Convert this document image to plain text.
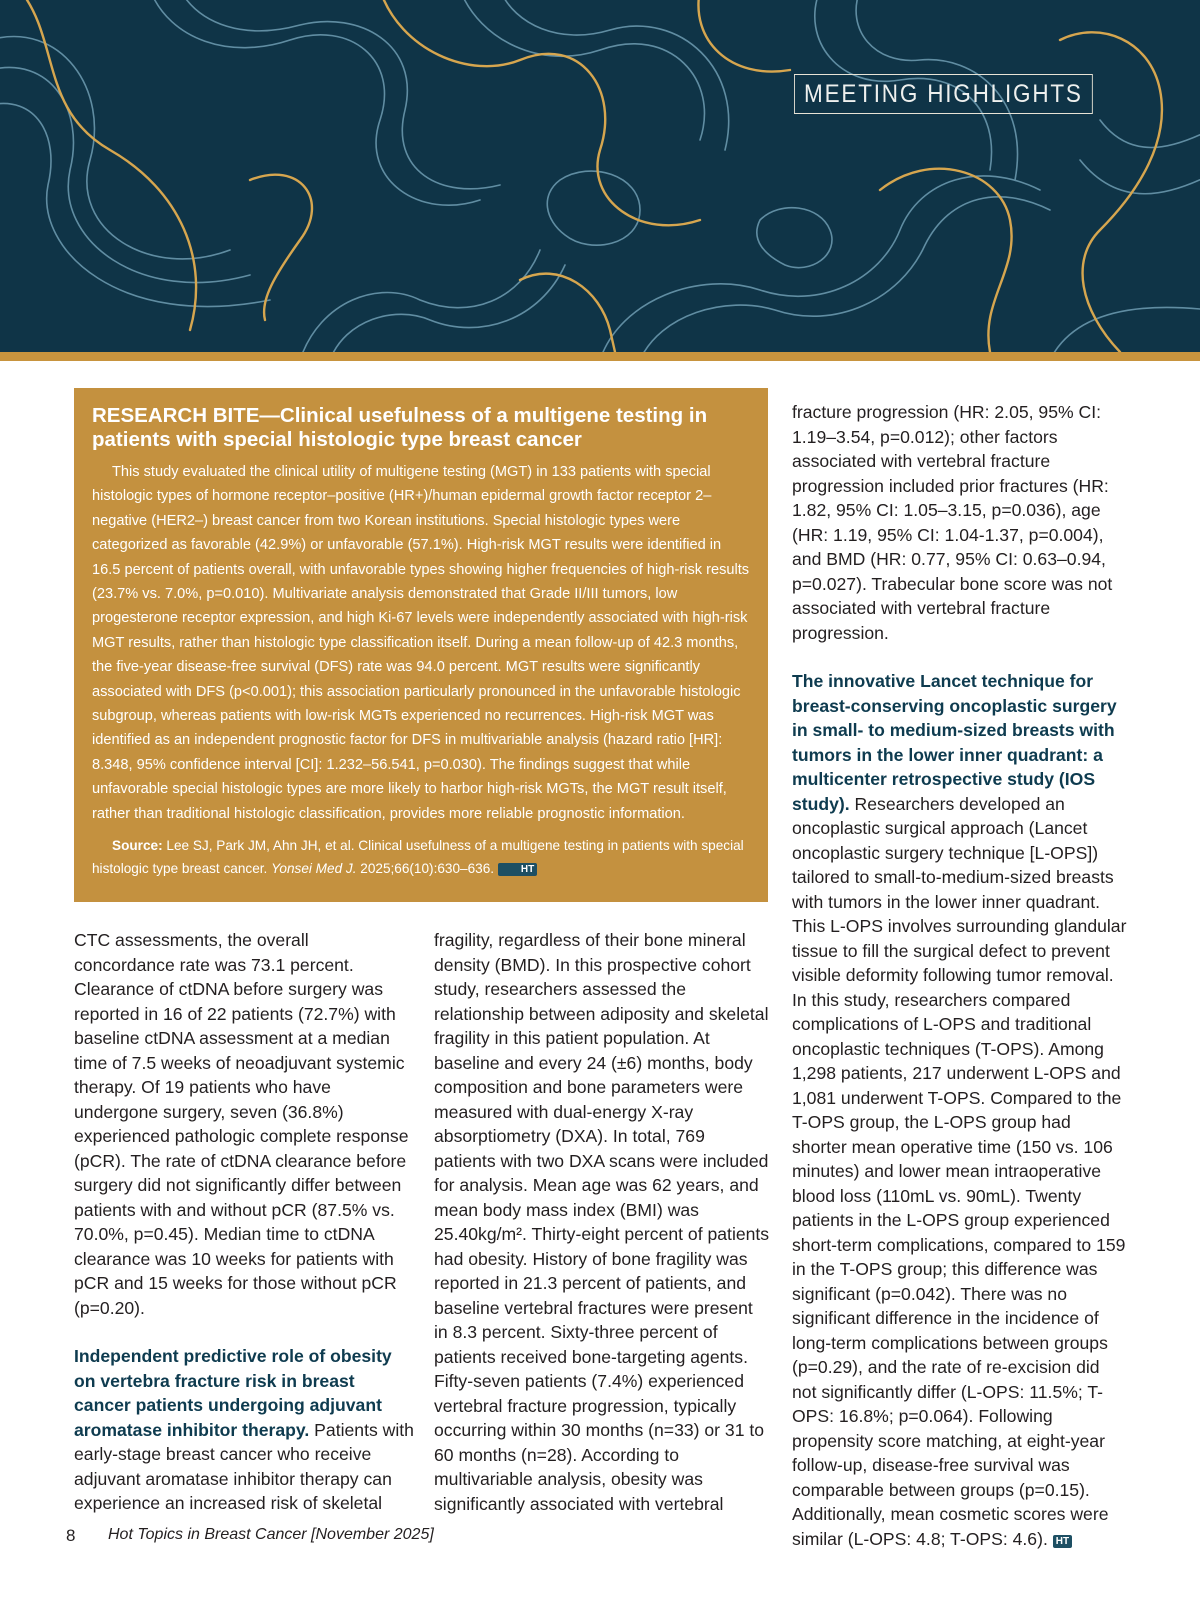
MEETING HIGHLIGHTS
RESEARCH BITE—Clinical usefulness of a multigene testing in patients with special histologic type breast cancer

This study evaluated the clinical utility of multigene testing (MGT) in 133 patients with special histologic types of hormone receptor–positive (HR+)/human epidermal growth factor receptor 2–negative (HER2–) breast cancer from two Korean institutions. Special histologic types were categorized as favorable (42.9%) or unfavorable (57.1%). High-risk MGT results were identified in 16.5 percent of patients overall, with unfavorable types showing higher frequencies of high-risk results (23.7% vs. 7.0%, p=0.010). Multivariate analysis demonstrated that Grade II/III tumors, low progesterone receptor expression, and high Ki-67 levels were independently associated with high-risk MGT results, rather than histologic type classification itself. During a mean follow-up of 42.3 months, the five-year disease-free survival (DFS) rate was 94.0 percent. MGT results were significantly associated with DFS (p<0.001); this association particularly pronounced in the unfavorable histologic subgroup, whereas patients with low-risk MGTs experienced no recurrences. High-risk MGT was identified as an independent prognostic factor for DFS in multivariable analysis (hazard ratio [HR]: 8.348, 95% confidence interval [CI]: 1.232–56.541, p=0.030). The findings suggest that while unfavorable special histologic types are more likely to harbor high-risk MGTs, the MGT result itself, rather than traditional histologic classification, provides more reliable prognostic information.

Source: Lee SJ, Park JM, Ahn JH, et al. Clinical usefulness of a multigene testing in patients with special histologic type breast cancer. Yonsei Med J. 2025;66(10):630–636.	HT

CTC assessments, the overall concordance rate was 73.1 percent. Clearance of ctDNA before surgery was reported in 16 of 22 patients (72.7%) with baseline ctDNA assessment at a median time of 7.5 weeks of neoadjuvant systemic therapy. Of 19 patients who have undergone surgery, seven (36.8%) experienced pathologic complete response (pCR). The rate of ctDNA clearance before surgery did not significantly differ between patients with and without pCR (87.5% vs. 70.0%, p=0.45). Median time to ctDNA clearance was 10 weeks for patients with pCR and 15 weeks for those without pCR (p=0.20).

Independent predictive role of obesity on vertebra fracture risk in breast cancer patients undergoing adjuvant aromatase inhibitor therapy. Patients with early-stage breast cancer who receive adjuvant aromatase inhibitor therapy can experience an increased risk of skeletal

fragility, regardless of their bone mineral density (BMD). In this prospective cohort study, researchers assessed the relationship between adiposity and skeletal fragility in this patient population. At baseline and every 24 (±6) months, body composition and bone parameters were measured with dual-energy X-ray absorptiometry (DXA). In total, 769 patients with two DXA scans were included for analysis. Mean age was 62 years, and mean body mass index (BMI) was 25.40kg/m². Thirty-eight percent of patients had obesity. History of bone fragility was reported in 21.3 percent of patients, and baseline vertebral fractures were present in 8.3 percent. Sixty-three percent of patients received bone-targeting agents. Fifty-seven patients (7.4%) experienced vertebral fracture progression, typically occurring within 30 months (n=33) or 31 to 60 months (n=28). According to multivariable analysis, obesity was significantly associated with vertebral

fracture progression (HR: 2.05, 95% CI: 1.19–3.54, p=0.012); other factors associated with vertebral fracture progression included prior fractures (HR: 1.82, 95% CI: 1.05–3.15, p=0.036), age (HR: 1.19, 95% CI: 1.04-1.37, p=0.004), and BMD (HR: 0.77, 95% CI: 0.63–0.94, p=0.027). Trabecular bone score was not associated with vertebral fracture progression.

The innovative Lancet technique for breast-conserving oncoplastic surgery in small- to medium-sized breasts with tumors in the lower inner quadrant: a multicenter retrospective study (IOS study). Researchers developed an oncoplastic surgical approach (Lancet oncoplastic surgery technique [L-OPS]) tailored to small-to-medium-sized breasts with tumors in the lower inner quadrant. This L-OPS involves surrounding glandular tissue to fill the surgical defect to prevent visible deformity following tumor removal. In this study, researchers compared complications of L-OPS and traditional oncoplastic techniques (T-OPS). Among 1,298 patients, 217 underwent L-OPS and 1,081 underwent T-OPS. Compared to the T-OPS group, the L-OPS group had shorter mean operative time (150 vs. 106 minutes) and lower mean intraoperative blood loss (110mL vs. 90mL). Twenty patients in the L-OPS group experienced short-term complications, compared to 159 in the T-OPS group; this difference was significant (p=0.042). There was no significant difference in the incidence of long-term complications between groups (p=0.29), and the rate of re-excision did not significantly differ (L-OPS: 11.5%; T-OPS: 16.8%; p=0.064). Following propensity score matching, at eight-year follow-up, disease-free survival was comparable between groups (p=0.15). Additionally, mean cosmetic scores were similar (L-OPS: 4.8; T-OPS: 4.6). HT

8 Hot Topics in Breast Cancer [November 2025]
